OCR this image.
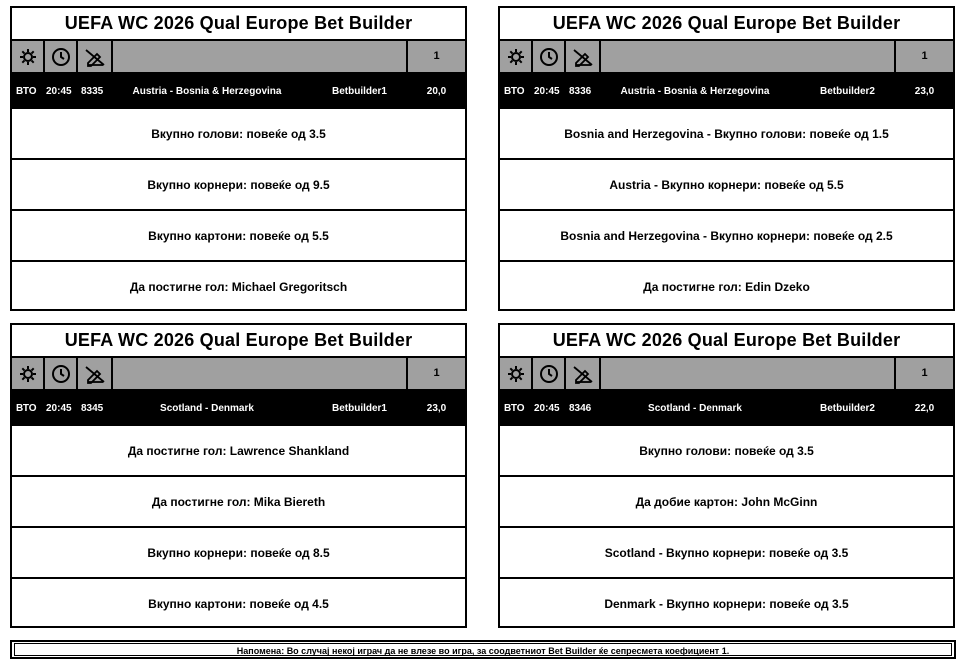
UEFA WC 2026 Qual Europe Bet Builder
1
ВТО 20:45 8335	Austria - Bosnia & Herzegovina	Betbuilder1	20,0
Вкупно голови: повеќе од 3.5
Вкупно корнери: повеќе од 9.5
Вкупно картони: повеќе од 5.5
Да постигне гол: Michael Gregoritsch
UEFA WC 2026 Qual Europe Bet Builder
1
ВТО 20:45 8336	Austria - Bosnia & Herzegovina	Betbuilder2	23,0
Bosnia and Herzegovina - Вкупно голови: повеќе од 1.5
Austria - Вкупно корнери: повеќе од 5.5
Bosnia and Herzegovina - Вкупно корнери: повеќе од 2.5
Да постигне гол: Edin Dzeko
UEFA WC 2026 Qual Europe Bet Builder
1
ВТО 20:45 8345	Scotland - Denmark	Betbuilder1	23,0
Да постигне гол: Lawrence Shankland
Да постигне гол: Mika Biereth
Вкупно корнери: повеќе од 8.5
Вкупно картони: повеќе од 4.5
UEFA WC 2026 Qual Europe Bet Builder
1
ВТО 20:45 8346	Scotland - Denmark	Betbuilder2	22,0
Вкупно голови: повеќе од 3.5
Да добие картон: John McGinn
Scotland - Вкупно корнери: повеќе од 3.5
Denmark - Вкупно корнери: повеќе од 3.5
Напомена: Во случај некој играч да не влезе во игра, за соодветниот Bet Builder ќе сепресмета коефициент 1.
